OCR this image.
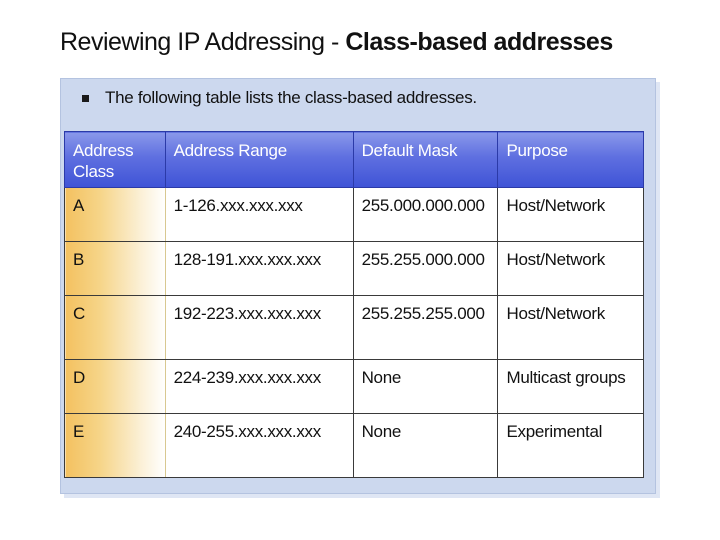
Reviewing IP Addressing - Class-based addresses
The following table lists the class-based addresses.
Address Class	Address Range	Default Mask	Purpose
A	1-126.xxx.xxx.xxx	255.000.000.000	Host/Network
B	128-191.xxx.xxx.xxx	255.255.000.000	Host/Network
C	192-223.xxx.xxx.xxx	255.255.255.000	Host/Network
D	224-239.xxx.xxx.xxx	None	Multicast groups
E	240-255.xxx.xxx.xxx	None	Experimental
